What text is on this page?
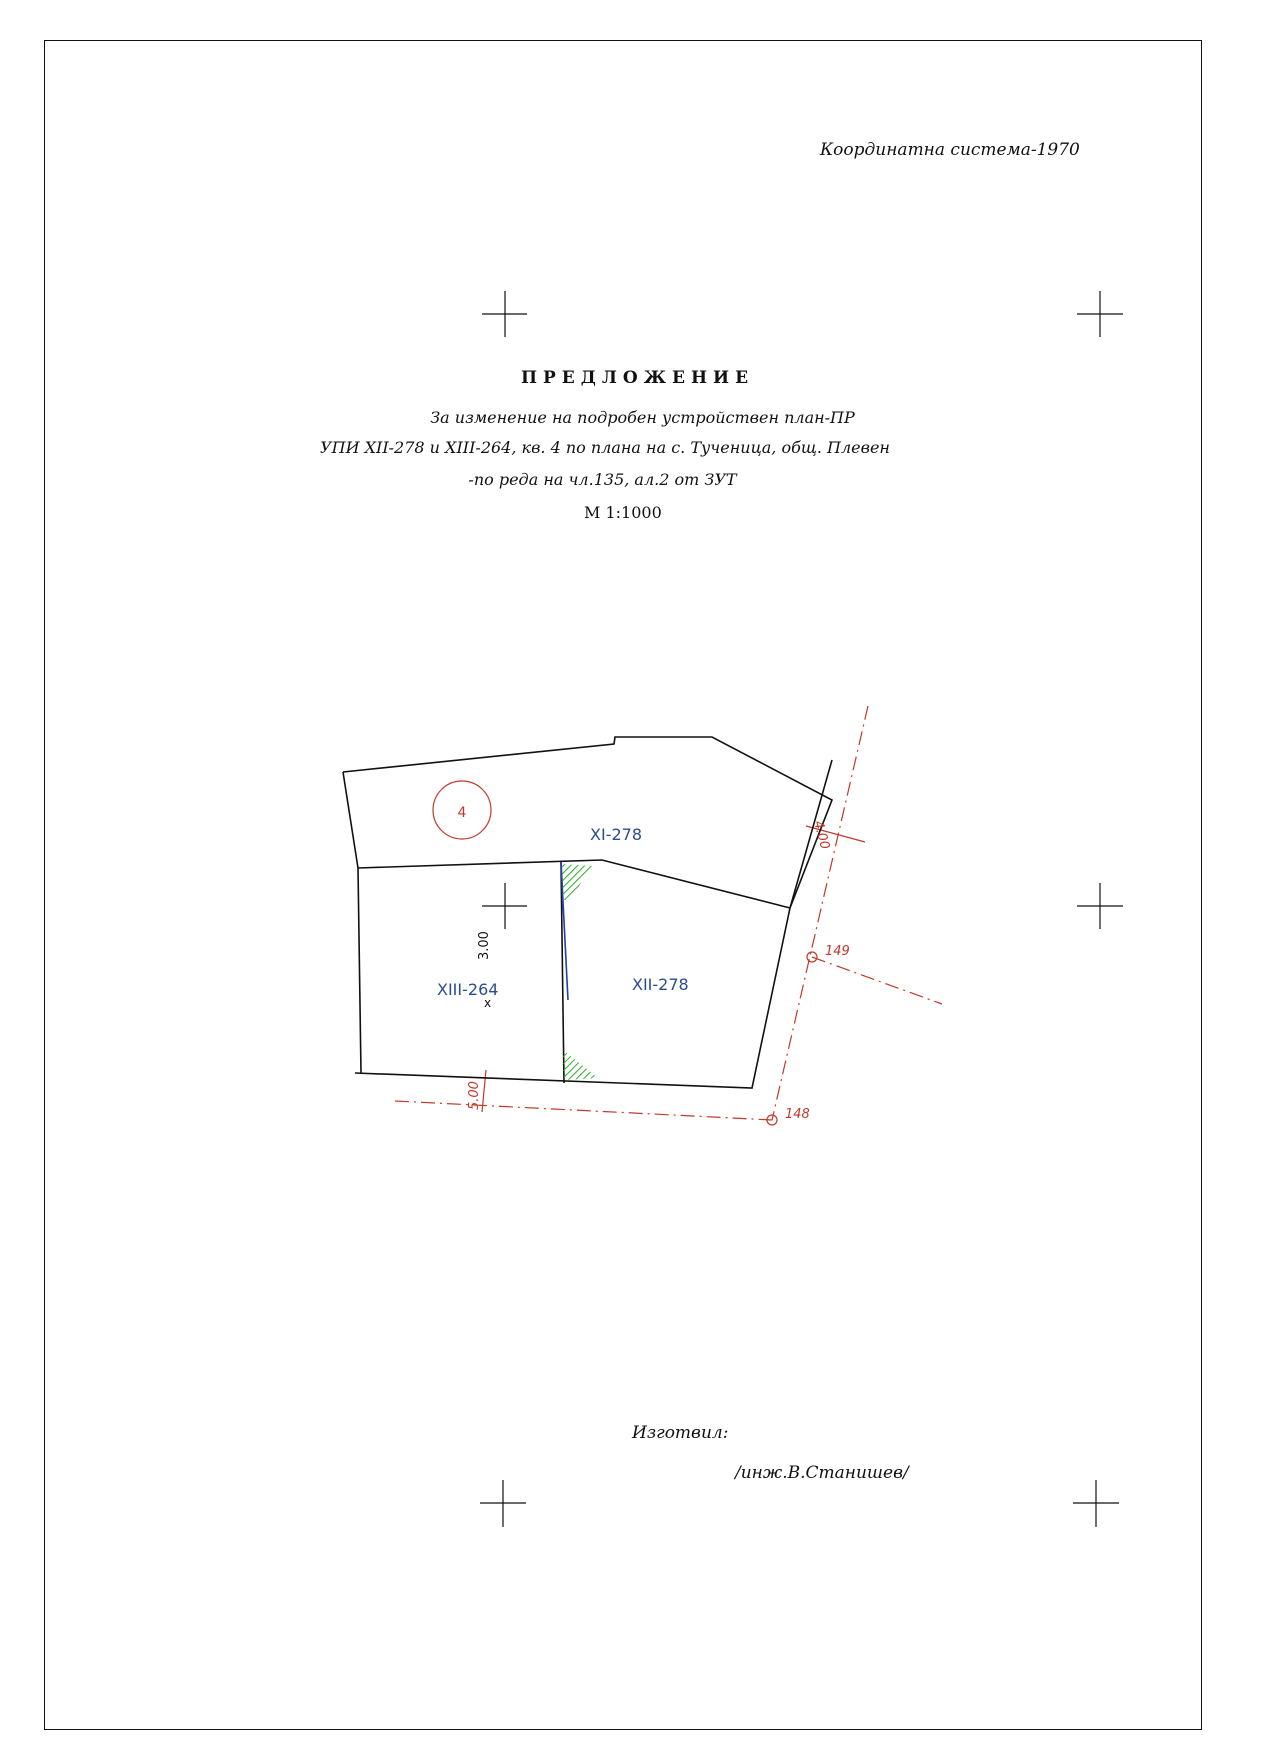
Координатна система-1970
ПРЕДЛОЖЕНИЕ
За изменение на подробен устройствен план-ПР
УПИ XII-278 и XIII-264, кв. 4 по плана на с. Тученица, общ. Плевен
-по реда на чл.135, ал.2 от ЗУТ
М 1:1000
4
XI-278
XII-278
XIII-264
4.00
5.00
149
148
3.00
x
Изготвил:
/инж.В.Станишев/
